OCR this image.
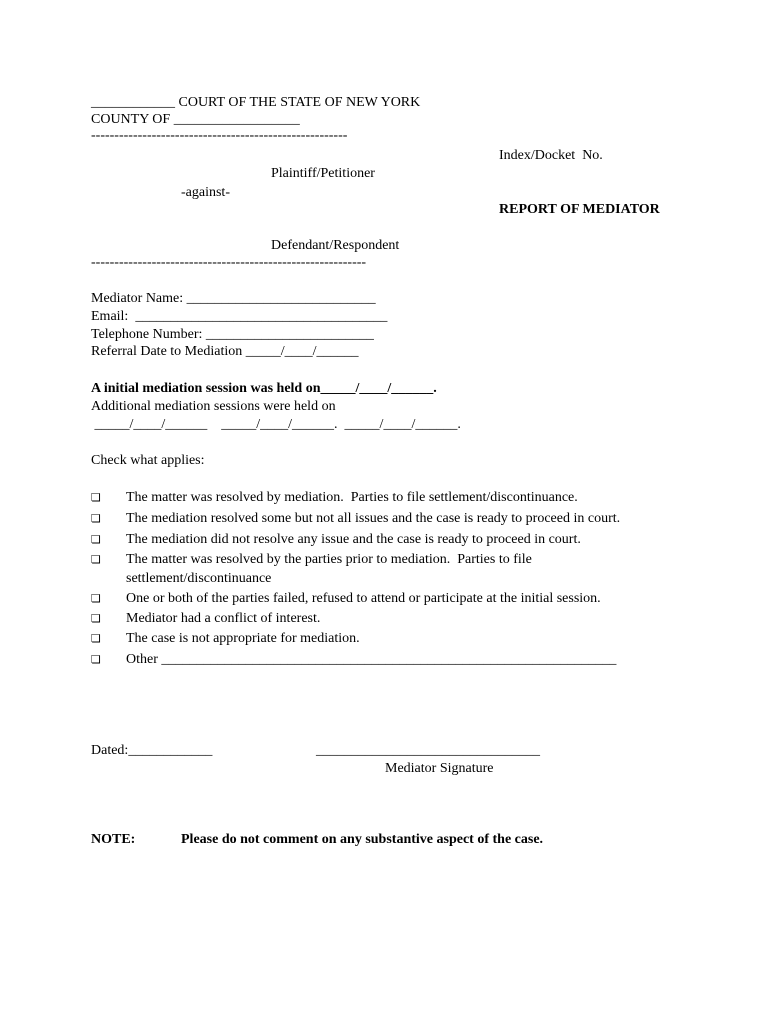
____________ COURT OF THE STATE OF NEW YORK
COUNTY OF __________________
-------------------------------------------------------
Index/Docket  No.
Plaintiff/Petitioner
-against-
REPORT OF MEDIATOR
Defendant/Respondent
-----------------------------------------------------------
Mediator Name: ___________________________
Email:  ____________________________________
Telephone Number: ________________________
Referral Date to Mediation _____/____/______
A initial mediation session was held on_____/____/______.
Additional mediation sessions were held on
_____/____/______    _____/____/______.  _____/____/______.
Check what applies:
❏ The matter was resolved by mediation.  Parties to file settlement/discontinuance.
❏ The mediation resolved some but not all issues and the case is ready to proceed in court.
❏ The mediation did not resolve any issue and the case is ready to proceed in court.
❏ The matter was resolved by the parties prior to mediation.  Parties to file
settlement/discontinuance
❏ One or both of the parties failed, refused to attend or participate at the initial session.
❏ Mediator had a conflict of interest.
❏ The case is not appropriate for mediation.
❏ Other _________________________________________________________________
Dated:____________	________________________________
Mediator Signature
NOTE:	Please do not comment on any substantive aspect of the case.
